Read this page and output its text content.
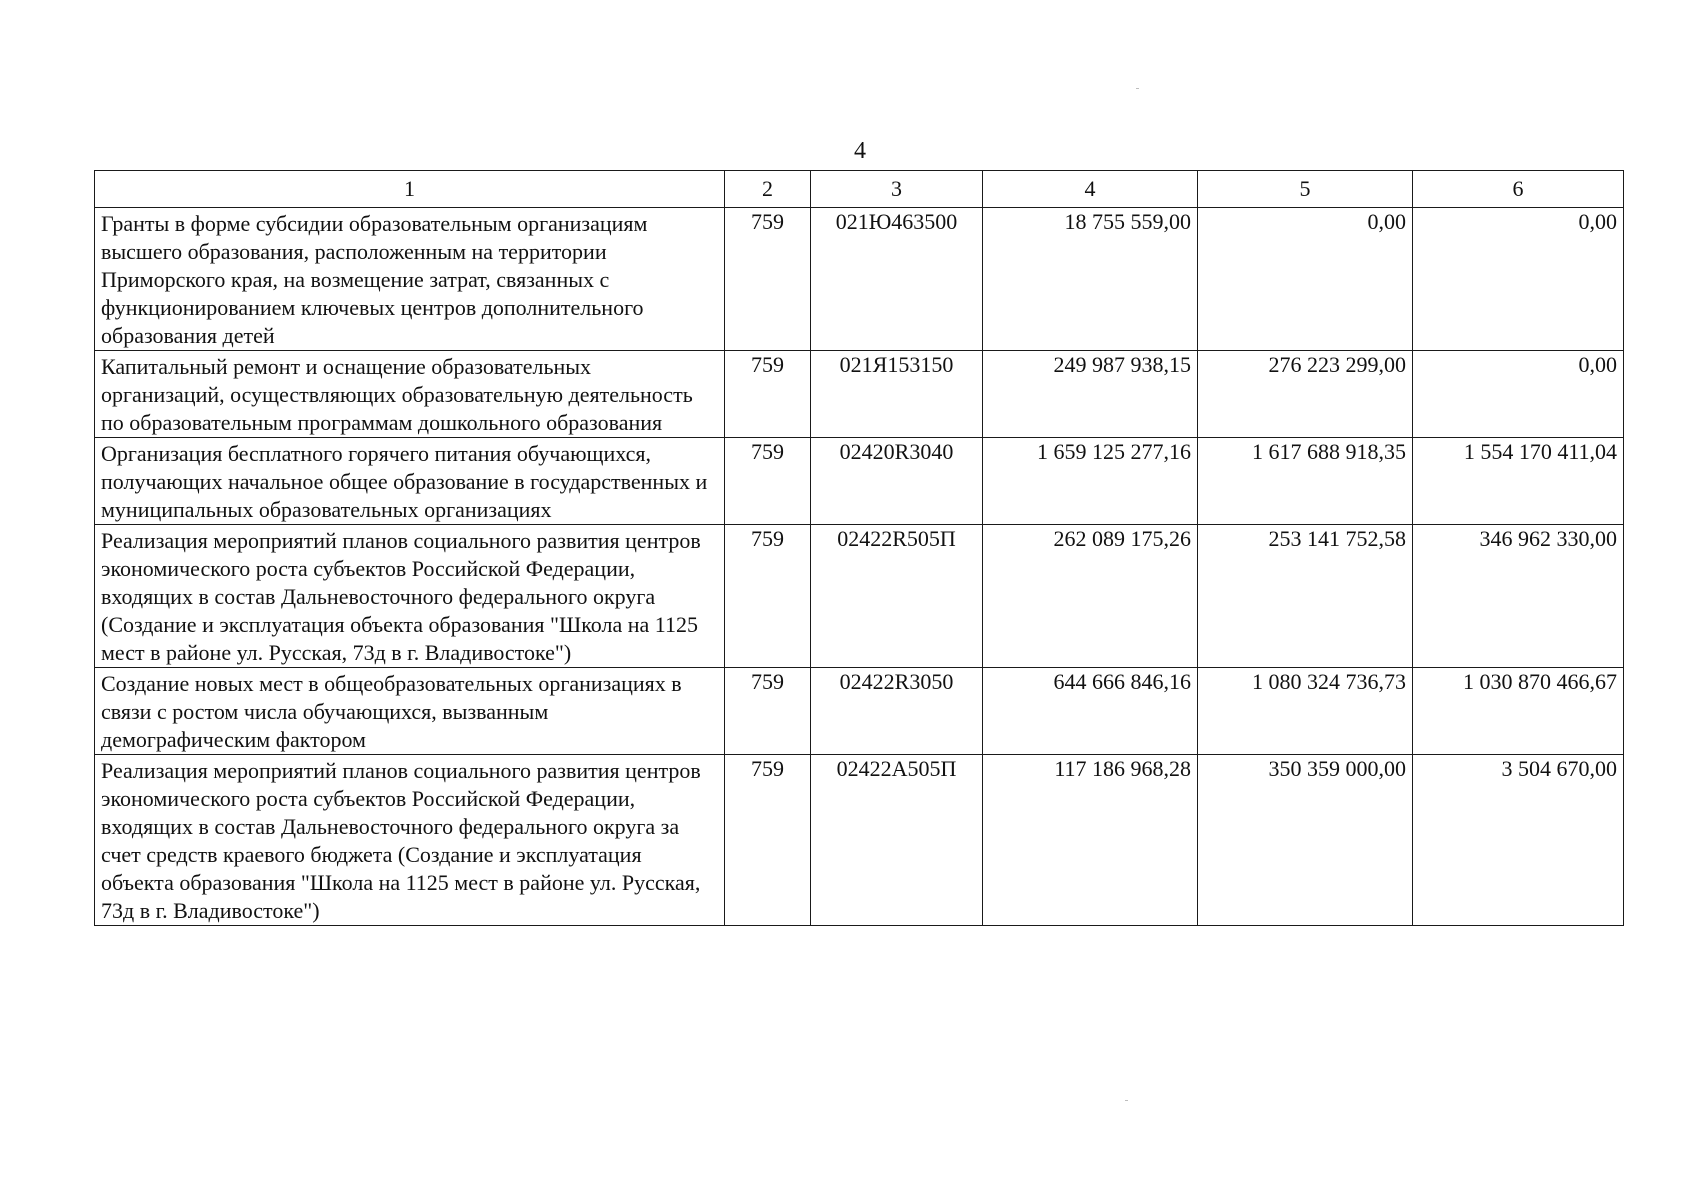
4
1	2	3	4	5	6

Гранты в форме субсидии образовательным организациям высшего образования, расположенным на территории Приморского края, на возмещение затрат, связанных с функционированием ключевых центров дополнительного образования детей	759	021Ю463500	18 755 559,00	0,00	0,00

Капитальный ремонт и оснащение образовательных организаций, осуществляющих образовательную деятельность по образовательным программам дошкольного образования	759	021Я153150	249 987 938,15	276 223 299,00	0,00

Организация бесплатного горячего питания обучающихся, получающих начальное общее образование в государственных и муниципальных образовательных организациях	759	02420R3040	1 659 125 277,16	1 617 688 918,35	1 554 170 411,04

Реализация мероприятий планов социального развития центров экономического роста субъектов Российской Федерации, входящих в состав Дальневосточного федерального округа (Создание и эксплуатация объекта образования "Школа на 1125 мест в районе ул. Русская, 73д в г. Владивостоке")	759	02422R505П	262 089 175,26	253 141 752,58	346 962 330,00

Создание новых мест в общеобразовательных организациях в связи с ростом числа обучающихся, вызванным демографическим фактором	759	02422R3050	644 666 846,16	1 080 324 736,73	1 030 870 466,67

Реализация мероприятий планов социального развития центров экономического роста субъектов Российской Федерации, входящих в состав Дальневосточного федерального округа за счет средств краевого бюджета (Создание и эксплуатация объекта образования "Школа на 1125 мест в районе ул. Русская, 73д в г. Владивостоке")	759	02422А505П	117 186 968,28	350 359 000,00	3 504 670,00
